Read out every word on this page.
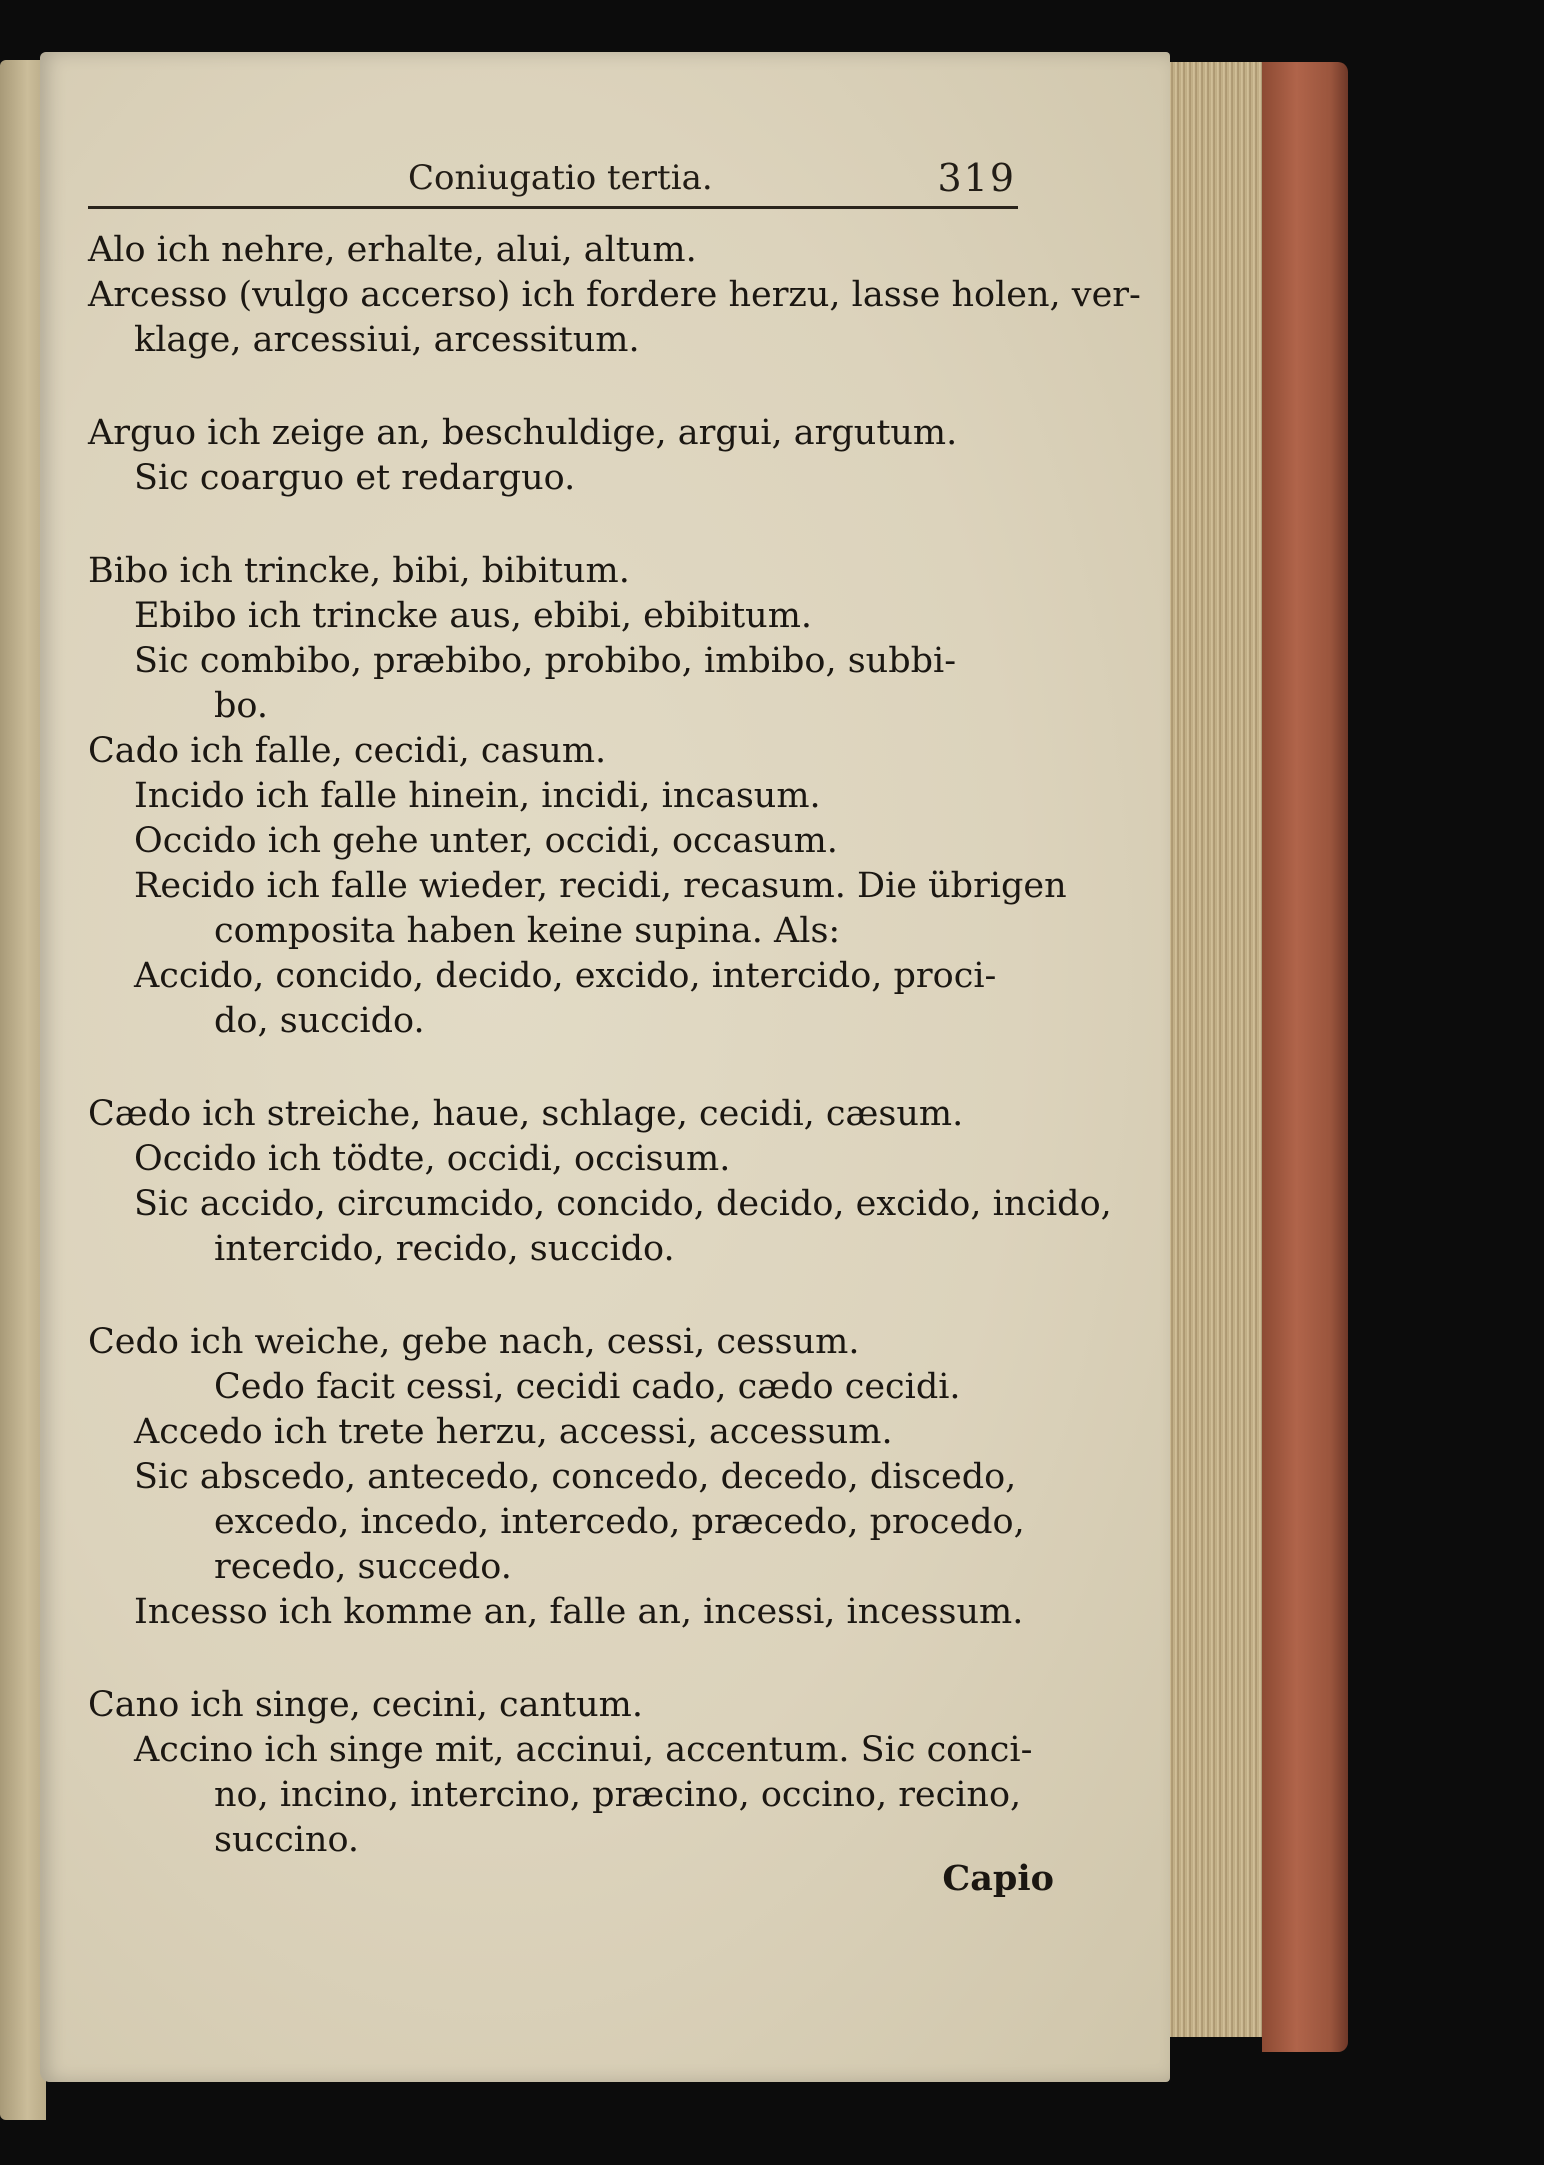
Coniugatio tertia.	319
Alo ich nehre, erhalte, alui, altum.
Arcesso (vulgo accerso) ich fordere herzu, lasse holen, ver-
klage, arcessiui, arcessitum.
Arguo ich zeige an, beschuldige, argui, argutum.
Sic coarguo et redarguo.
Bibo ich trincke, bibi, bibitum.
Ebibo ich trincke aus, ebibi, ebibitum.
Sic combibo, præbibo, probibo, imbibo, subbi-
bo.
Cado ich falle, cecidi, casum.
Incido ich falle hinein, incidi, incasum.
Occido ich gehe unter, occidi, occasum.
Recido ich falle wieder, recidi, recasum. Die übrigen
composita haben keine supina. Als:
Accido, concido, decido, excido, intercido, proci-
do, succido.
Cædo ich streiche, haue, schlage, cecidi, cæsum.
Occido ich tödte, occidi, occisum.
Sic accido, circumcido, concido, decido, excido, incido,
intercido, recido, succido.
Cedo ich weiche, gebe nach, cessi, cessum.
Cedo facit cessi, cecidi cado, cædo cecidi.
Accedo ich trete herzu, accessi, accessum.
Sic abscedo, antecedo, concedo, decedo, discedo,
excedo, incedo, intercedo, præcedo, procedo,
recedo, succedo.
Incesso ich komme an, falle an, incessi, incessum.
Cano ich singe, cecini, cantum.
Accino ich singe mit, accinui, accentum. Sic conci-
no, incino, intercino, præcino, occino, recino,
succino.
Capio
